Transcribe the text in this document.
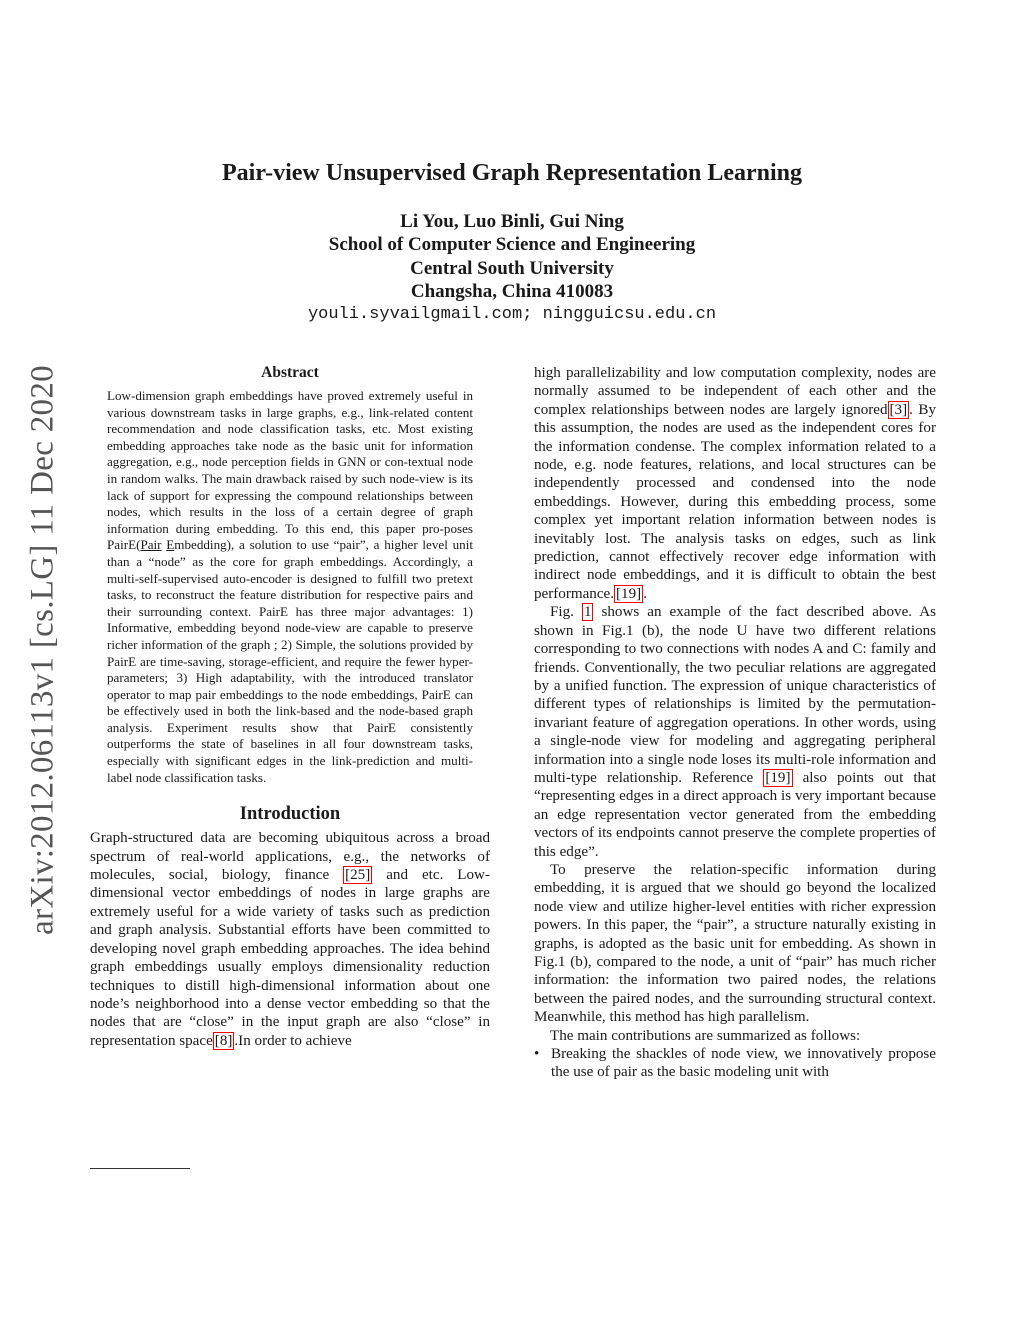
arXiv:2012.06113v1 [cs.LG] 11 Dec 2020
Pair-view Unsupervised Graph Representation Learning
Li You, Luo Binli, Gui Ning
School of Computer Science and Engineering
Central South University
Changsha, China 410083
youli.syvailgmail.com; ningguicsu.edu.cn
Abstract

Low-dimension graph embeddings have proved extremely useful in various downstream tasks in large graphs, e.g., link-related content recommendation and node classification tasks, etc. Most existing embedding approaches take node as the basic unit for information aggregation, e.g., node perception fields in GNN or con-textual node in random walks. The main drawback raised by such node-view is its lack of support for expressing the compound relationships between nodes, which results in the loss of a certain degree of graph information during embedding. To this end, this paper pro-poses PairE(Pair Embedding), a solution to use “pair”, a higher level unit than a “node” as the core for graph embeddings. Accordingly, a multi-self-supervised auto-encoder is designed to fulfill two pretext tasks, to reconstruct the feature distribution for respective pairs and their surrounding context. PairE has three major advantages: 1) Informative, embedding beyond node-view are capable to preserve richer information of the graph ; 2) Simple, the solutions provided by PairE are time-saving, storage-efficient, and require the fewer hyper-parameters; 3) High adaptability, with the introduced translator operator to map pair embeddings to the node embeddings, PairE can be effectively used in both the link-based and the node-based graph analysis. Experiment results show that PairE consistently outperforms the state of baselines in all four downstream tasks, especially with significant edges in the link-prediction and multi-label node classification tasks.

Introduction

Graph-structured data are becoming ubiquitous across a broad spectrum of real-world applications, e.g., the networks of molecules, social, biology, finance [25] and etc. Low-dimensional vector embeddings of nodes in large graphs are extremely useful for a wide variety of tasks such as prediction and graph analysis. Substantial efforts have been committed to developing novel graph embedding approaches. The idea behind graph embeddings usually employs dimensionality reduction techniques to distill high-dimensional information about one node’s neighborhood into a dense vector embedding so that the nodes that are “close” in the input graph are also “close” in representation space [8] .In order to achieve

high parallelizability and low computation complexity, nodes are normally assumed to be independent of each other and the complex relationships between nodes are largely ignored [3] . By this assumption, the nodes are used as the independent cores for the information condense. The complex information related to a node, e.g. node features, relations, and local structures can be independently processed and condensed into the node embeddings. However, during this embedding process, some complex yet important relation information between nodes is inevitably lost. The analysis tasks on edges, such as link prediction, cannot effectively recover edge information with indirect node embeddings, and it is difficult to obtain the best performance. [19] .

Fig. 1 shows an example of the fact described above. As shown in Fig.1 (b), the node U have two different relations corresponding to two connections with nodes A and C: family and friends. Conventionally, the two peculiar relations are aggregated by a unified function. The expression of unique characteristics of different types of relationships is limited by the permutation-invariant feature of aggregation operations. In other words, using a single-node view for modeling and aggregating peripheral information into a single node loses its multi-role information and multi-type relationship. Reference [19] also points out that “representing edges in a direct approach is very important because an edge representation vector generated from the embedding vectors of its endpoints cannot preserve the complete properties of this edge”.

To preserve the relation-specific information during embedding, it is argued that we should go beyond the localized node view and utilize higher-level entities with richer expression powers. In this paper, the “pair”, a structure naturally existing in graphs, is adopted as the basic unit for embedding. As shown in Fig.1 (b), compared to the node, a unit of “pair” has much richer information: the information two paired nodes, the relations between the paired nodes, and the surrounding structural context. Meanwhile, this method has high parallelism.

The main contributions are summarized as follows:

• Breaking the shackles of node view, we innovatively propose the use of pair as the basic modeling unit with
